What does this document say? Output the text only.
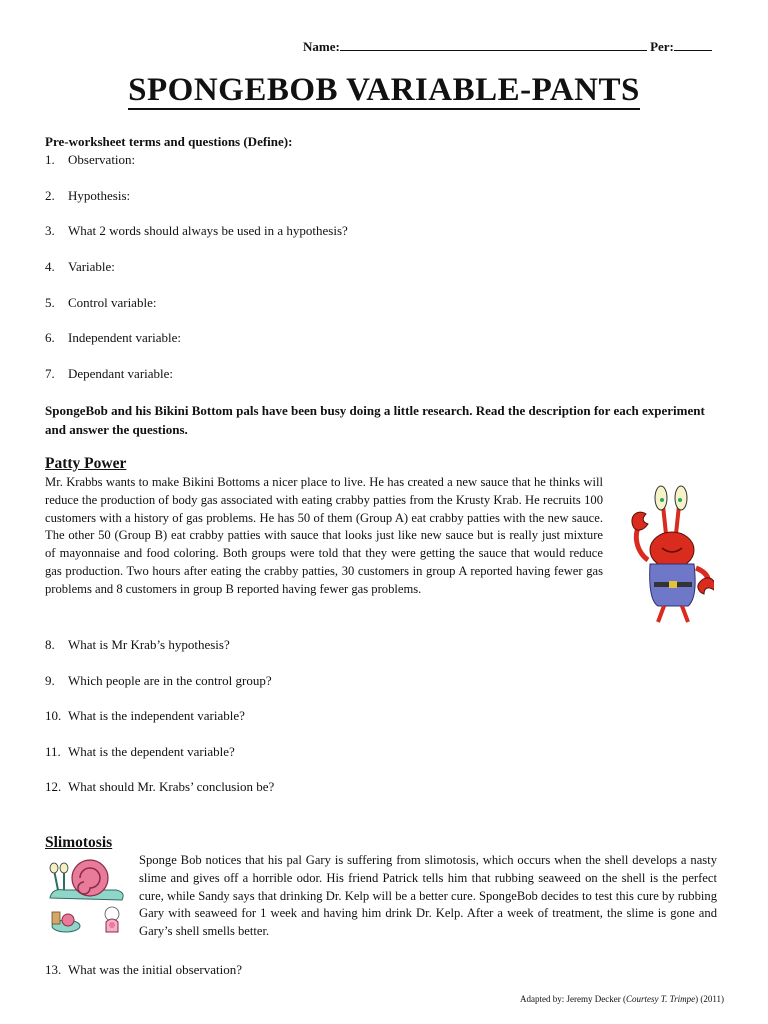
Name:	Per:
SPONGEBOB VARIABLE-PANTS
Pre-worksheet terms and questions (Define):
1. Observation:
2. Hypothesis:
3. What 2 words should always be used in a hypothesis?
4. Variable:
5. Control variable:
6. Independent variable:
7. Dependant variable:
SpongeBob and his Bikini Bottom pals have been busy doing a little research. Read the description for each experiment and answer the questions.
Patty Power
Mr. Krabbs wants to make Bikini Bottoms a nicer place to live. He has created a new sauce that he thinks will reduce the production of body gas associated with eating crabby patties from the Krusty Krab. He recruits 100 customers with a history of gas problems. He has 50 of them (Group A) eat crabby patties with the new sauce. The other 50 (Group B) eat crabby patties with sauce that looks just like new sauce but is really just mixture of mayonnaise and food coloring. Both groups were told that they were getting the sauce that would reduce gas production. Two hours after eating the crabby patties, 30 customers in group A reported having fewer gas problems and 8 customers in group B reported having fewer gas problems.
8. What is Mr Krab’s hypothesis?
9. Which people are in the control group?
10. What is the independent variable?
11. What is the dependent variable?
12. What should Mr. Krabs’ conclusion be?
Slimotosis
Sponge Bob notices that his pal Gary is suffering from slimotosis, which occurs when the shell develops a nasty slime and gives off a horrible odor. His friend Patrick tells him that rubbing seaweed on the shell is the perfect cure, while Sandy says that drinking Dr. Kelp will be a better cure. SpongeBob decides to test this cure by rubbing Gary with seaweed for 1 week and having him drink Dr. Kelp. After a week of treatment, the slime is gone and Gary’s shell smells better.
13. What was the initial observation?
Adapted by: Jeremy Decker (Courtesy T. Trimpe) (2011)
